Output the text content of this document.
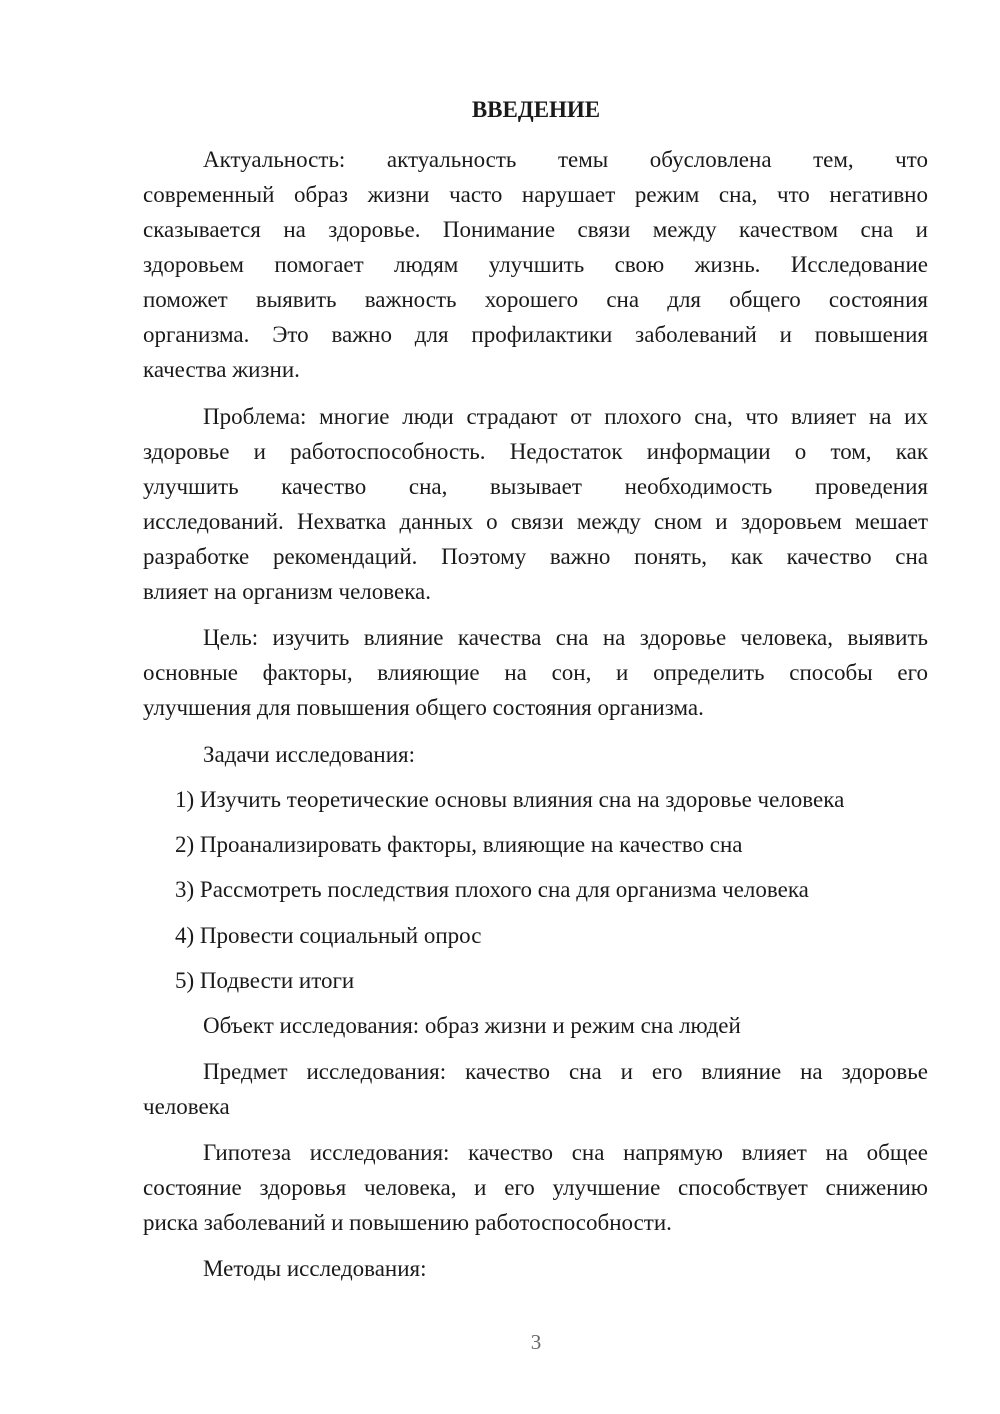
ВВЕДЕНИЕ
Актуальность: актуальность темы обусловлена тем, что
современный образ жизни часто нарушает режим сна, что негативно
сказывается на здоровье. Понимание связи между качеством сна и
здоровьем помогает людям улучшить свою жизнь. Исследование
поможет выявить важность хорошего сна для общего состояния
организма. Это важно для профилактики заболеваний и повышения
качества жизни.
Проблема: многие люди страдают от плохого сна, что влияет на их
здоровье и работоспособность. Недостаток информации о том, как
улучшить качество сна, вызывает необходимость проведения
исследований. Нехватка данных о связи между сном и здоровьем мешает
разработке рекомендаций. Поэтому важно понять, как качество сна
влияет на организм человека.
Цель: изучить влияние качества сна на здоровье человека, выявить
основные факторы, влияющие на сон, и определить способы его
улучшения для повышения общего состояния организма.
Задачи исследования:
1) Изучить теоретические основы влияния сна на здоровье человека
2) Проанализировать факторы, влияющие на качество сна
3) Рассмотреть последствия плохого сна для организма человека
4) Провести социальный опрос
5) Подвести итоги
Объект исследования: образ жизни и режим сна людей
Предмет исследования: качество сна и его влияние на здоровье
человека
Гипотеза исследования: качество сна напрямую влияет на общее
состояние здоровья человека, и его улучшение способствует снижению
риска заболеваний и повышению работоспособности.
Методы исследования:
3
